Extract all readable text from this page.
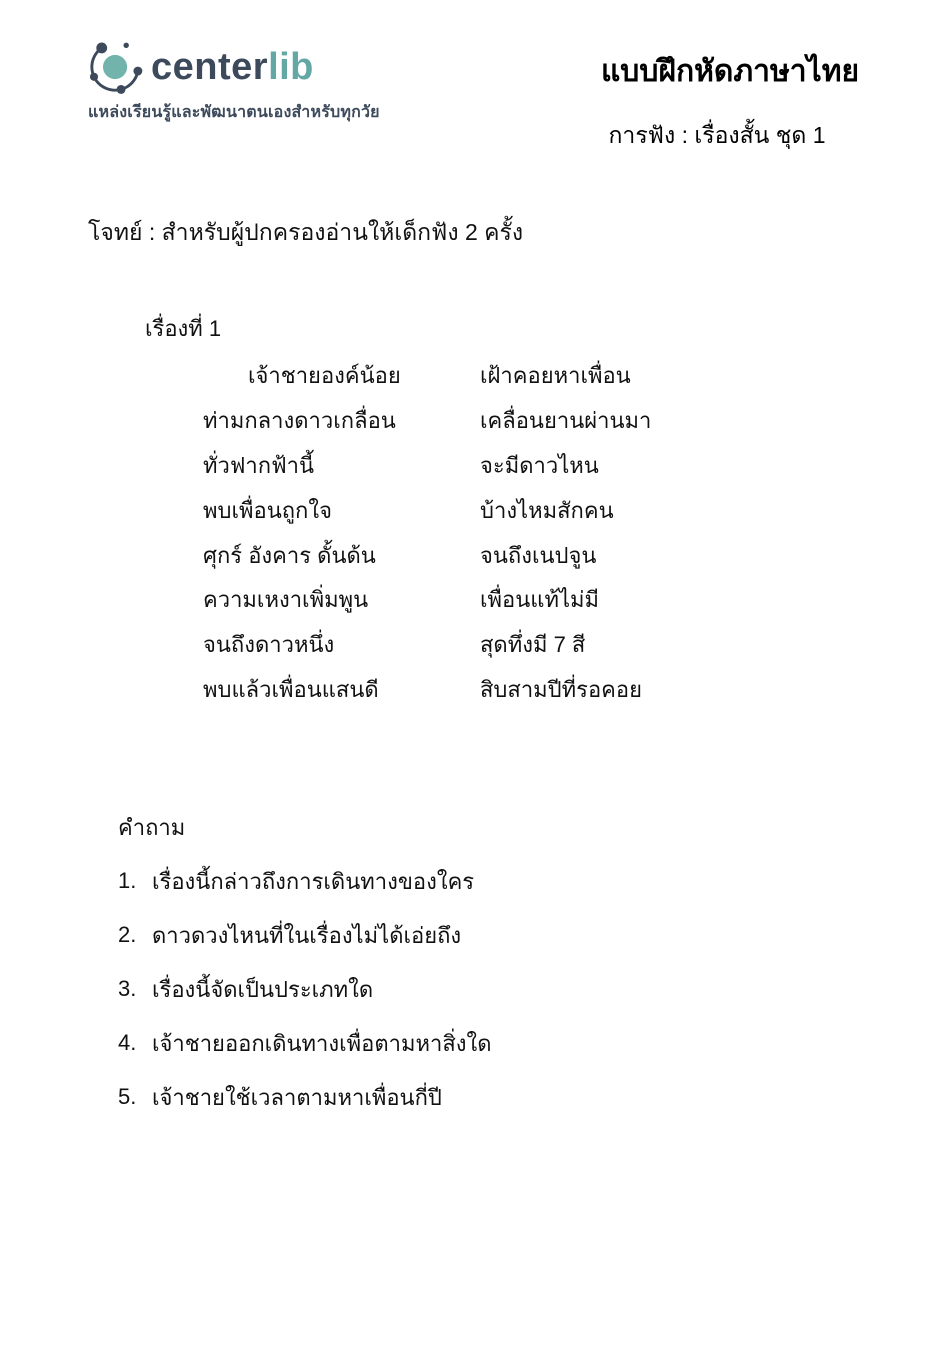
centerlib
แหล่งเรียนรู้และพัฒนาตนเองสำหรับทุกวัย
แบบฝึกหัดภาษาไทย
การฟัง : เรื่องสั้น ชุด 1
โจทย์ : สำหรับผู้ปกครองอ่านให้เด็กฟัง 2 ครั้ง
เรื่องที่ 1
เจ้าชายองค์น้อย	เฝ้าคอยหาเพื่อน
ท่ามกลางดาวเกลื่อน	เคลื่อนยานผ่านมา
ทั่วฟากฟ้านี้	จะมีดาวไหน
พบเพื่อนถูกใจ	บ้างไหมสักคน
ศุกร์ อังคาร ดั้นด้น	จนถึงเนปจูน
ความเหงาเพิ่มพูน	เพื่อนแท้ไม่มี
จนถึงดาวหนึ่ง	สุดทึ่งมี 7 สี
พบแล้วเพื่อนแสนดี	สิบสามปีที่รอคอย
คำถาม
1. เรื่องนี้กล่าวถึงการเดินทางของใคร
2. ดาวดวงไหนที่ในเรื่องไม่ได้เอ่ยถึง
3. เรื่องนี้จัดเป็นประเภทใด
4. เจ้าชายออกเดินทางเพื่อตามหาสิ่งใด
5. เจ้าชายใช้เวลาตามหาเพื่อนกี่ปี
